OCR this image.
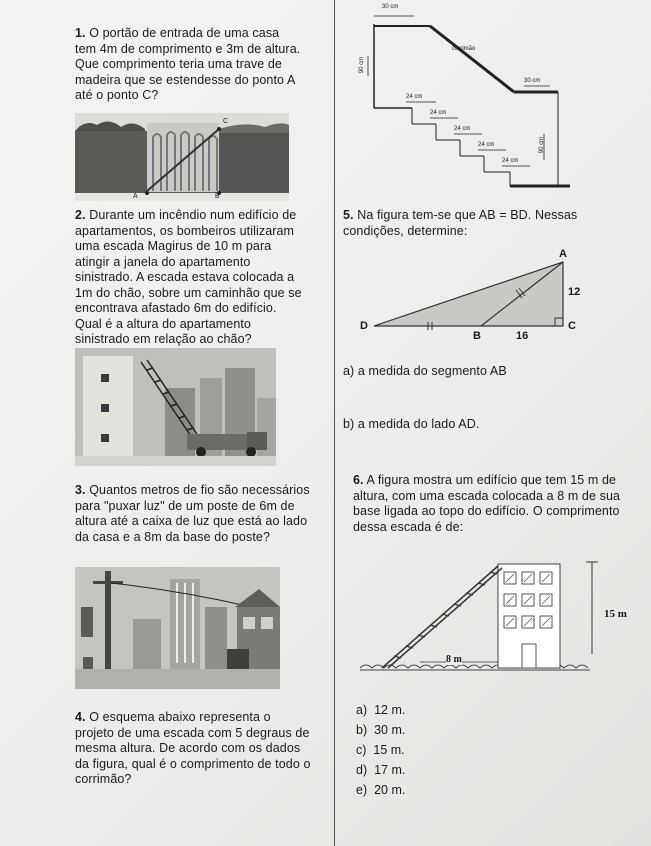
1. O portão de entrada de uma casa tem 4m de comprimento e 3m de altura. Que comprimento teria uma trave de madeira que se estendesse do ponto A até o ponto C?
A	B
C
2. Durante um incêndio num edifício de apartamentos, os bombeiros utilizaram uma escada Magirus de 10 m para atingir a janela do apartamento sinistrado. A escada estava colocada a 1m do chão, sobre um caminhão que se encontrava afastado 6m do edifício. Qual é a altura do apartamento sinistrado em relação ao chão?
3. Quantos metros de fio são necessários para "puxar luz" de um poste de 6m de altura até a caixa de luz que está ao lado da casa e a 8m da base do poste?
4. O esquema abaixo representa o projeto de uma escada com 5 degraus de mesma altura. De acordo com os dados da figura, qual é o comprimento de todo o corrimão?
30 cm
corrimão
90 cm
30 cm
24 cm
24 cm
24 cm
24 cm
24 cm
90 cm
5. Na figura tem-se que AB = BD. Nessas condições, determine:
A
B
C
D
12
16
a) a medida do segmento AB
b) a medida do lado AD.
6. A figura mostra um edifício que tem 15 m de altura, com uma escada colocada a 8 m de sua base ligada ao topo do edifício. O comprimento dessa escada é de:
15 m
8 m
a) 12 m.
b) 30 m.
c) 15 m.
d) 17 m.
e) 20 m.
